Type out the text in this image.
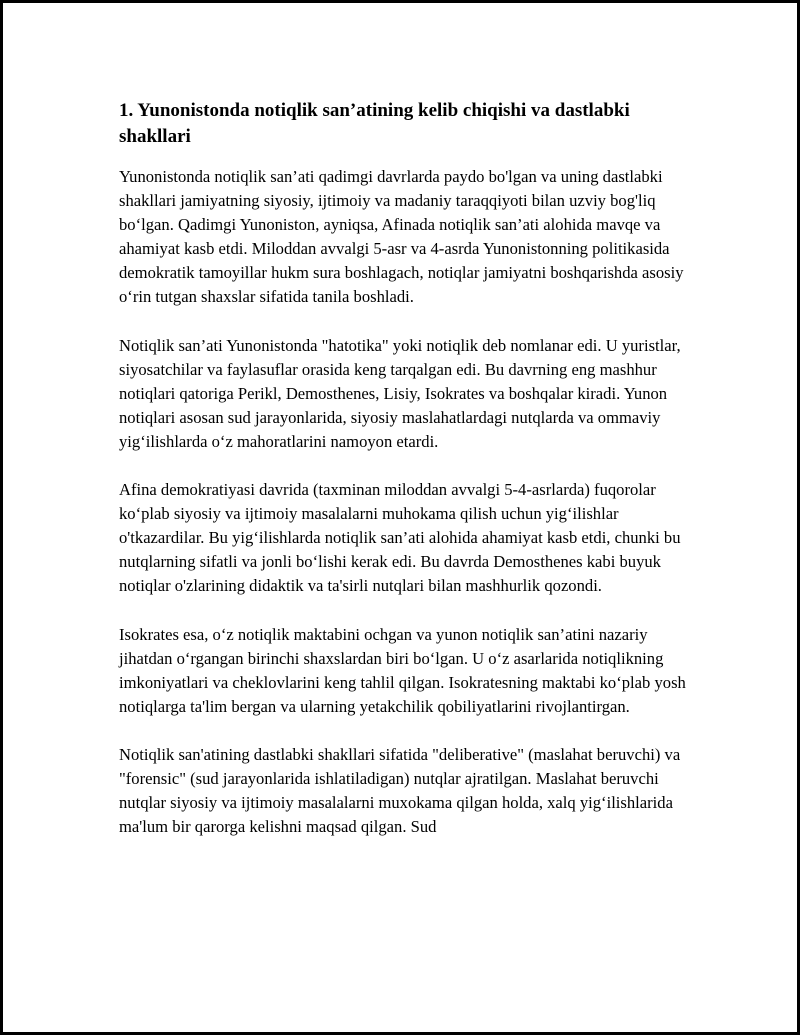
1. Yunonistonda notiqlik san’atining kelib chiqishi va dastlabki shakllari

Yunonistonda notiqlik san’ati qadimgi davrlarda paydo bo'lgan va uning dastlabki shakllari jamiyatning siyosiy, ijtimoiy va madaniy taraqqiyoti bilan uzviy bog'liq bo‘lgan. Qadimgi Yunoniston, ayniqsa, Afinada notiqlik san’ati alohida mavqe va ahamiyat kasb etdi. Miloddan avvalgi 5-asr va 4-asrda Yunonistonning politikasida demokratik tamoyillar hukm sura boshlagach, notiqlar jamiyatni boshqarishda asosiy o‘rin tutgan shaxslar sifatida tanila boshladi.

Notiqlik san’ati Yunonistonda "hatotika" yoki notiqlik deb nomlanar edi. U yuristlar, siyosatchilar va faylasuflar orasida keng tarqalgan edi. Bu davrning eng mashhur notiqlari qatoriga Perikl, Demosthenes, Lisiy, Isokrates va boshqalar kiradi. Yunon notiqlari asosan sud jarayonlarida, siyosiy maslahatlardagi nutqlarda va ommaviy yig‘ilishlarda o‘z mahoratlarini namoyon etardi.

Afina demokratiyasi davrida (taxminan miloddan avvalgi 5-4-asrlarda) fuqorolar ko‘plab siyosiy va ijtimoiy masalalarni muhokama qilish uchun yig‘ilishlar o'tkazardilar. Bu yig‘ilishlarda notiqlik san’ati alohida ahamiyat kasb etdi, chunki bu nutqlarning sifatli va jonli bo‘lishi kerak edi. Bu davrda Demosthenes kabi buyuk notiqlar o'zlarining didaktik va ta'sirli nutqlari bilan mashhurlik qozondi.

Isokrates esa, o‘z notiqlik maktabini ochgan va yunon notiqlik san’atini nazariy jihatdan o‘rgangan birinchi shaxslardan biri bo‘lgan. U o‘z asarlarida notiqlikning imkoniyatlari va cheklovlarini keng tahlil qilgan. Isokratesning maktabi ko‘plab yosh notiqlarga ta'lim bergan va ularning yetakchilik qobiliyatlarini rivojlantirgan.

Notiqlik san'atining dastlabki shakllari sifatida "deliberative" (maslahat beruvchi) va "forensic" (sud jarayonlarida ishlatiladigan) nutqlar ajratilgan. Maslahat beruvchi nutqlar siyosiy va ijtimoiy masalalarni muxokama qilgan holda, xalq yig‘ilishlarida ma'lum bir qarorga kelishni maqsad qilgan. Sud
